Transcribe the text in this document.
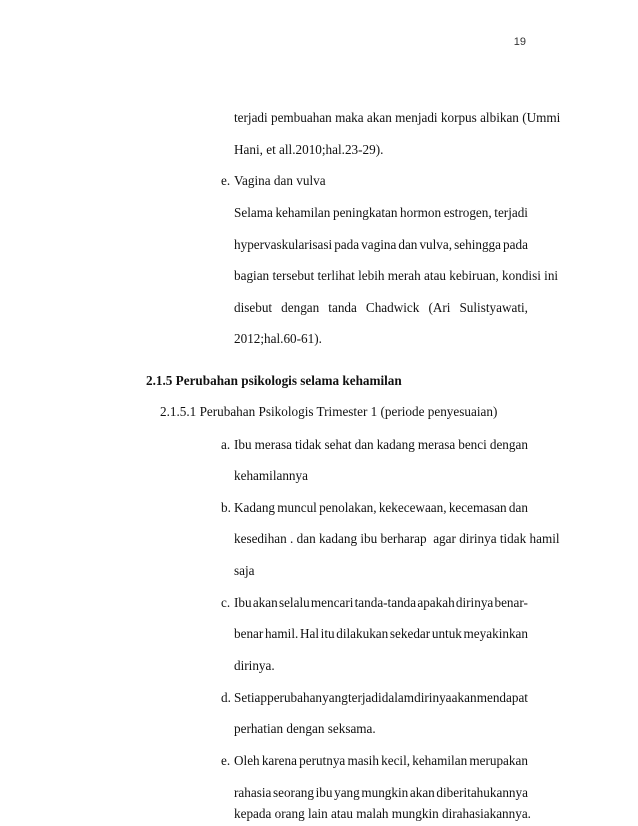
19
terjadi pembuahan maka akan menjadi korpus albikan (Ummi
Hani, et all.2010;hal.23-29).
e. Vagina dan vulva
Selama kehamilan peningkatan hormon estrogen, terjadi
hypervaskularisasi pada vagina dan vulva, sehingga pada
bagian tersebut terlihat lebih merah atau kebiruan, kondisi ini
disebut dengan tanda Chadwick (Ari Sulistyawati,
2012;hal.60-61).
2.1.5 Perubahan psikologis selama kehamilan
2.1.5.1 Perubahan Psikologis Trimester 1 (periode penyesuaian)
a. Ibu merasa tidak sehat dan kadang merasa benci dengan
kehamilannya
b. Kadang muncul penolakan, kekecewaan, kecemasan dan
kesedihan . dan kadang ibu berharap  agar dirinya tidak hamil
saja
c. Ibu akan selalu mencari tanda-tanda apakah dirinya benar-
benar hamil. Hal itu dilakukan sekedar untuk meyakinkan
dirinya.
d. Setiap perubahan yang terjadi dalam dirinya akan mendapat
perhatian dengan seksama.
e. Oleh karena perutnya masih kecil, kehamilan merupakan
rahasia seorang ibu yang mungkin akan diberitahukannya
kepada orang lain atau malah mungkin dirahasiakannya.
